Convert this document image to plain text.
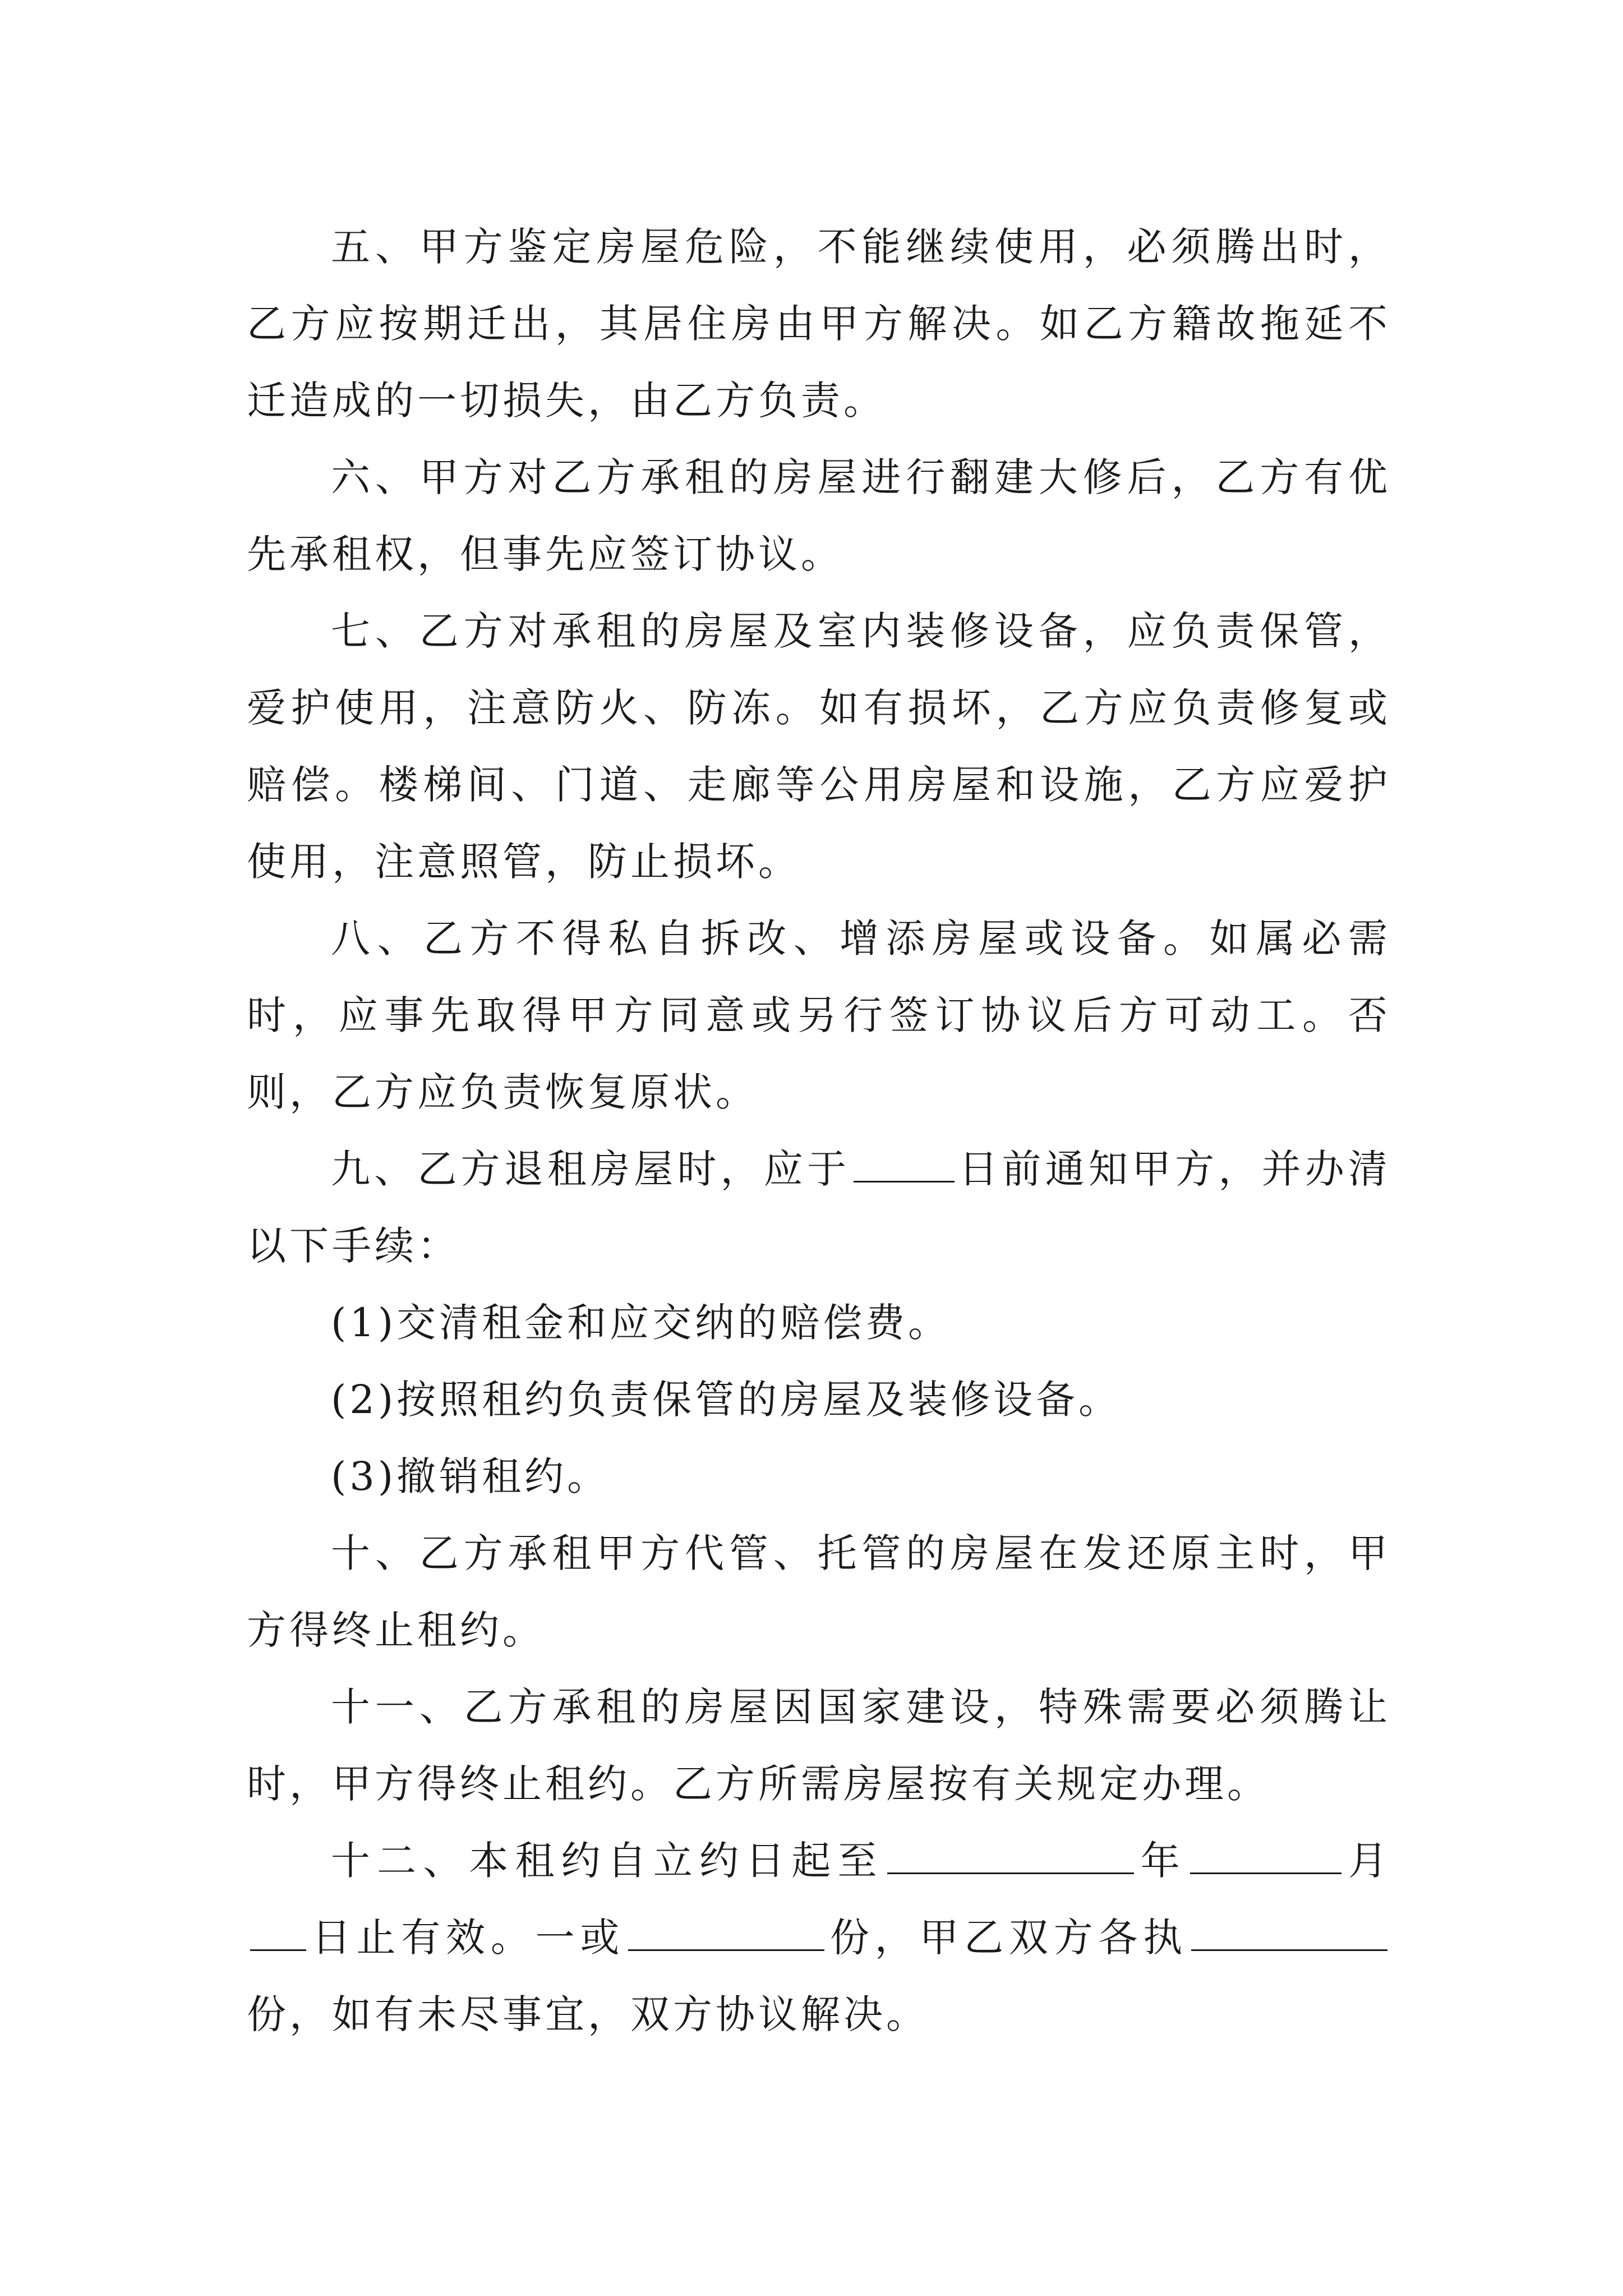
五、甲方鉴定房屋危险，不能继续使用，必须腾出时，乙方应按期迁出，其居住房由甲方解决。如乙方籍故拖延不迁造成的一切损失，由乙方负责。

六、甲方对乙方承租的房屋进行翻建大修后，乙方有优先承租权，但事先应签订协议。

七、乙方对承租的房屋及室内装修设备，应负责保管，爱护使用，注意防火、防冻。如有损坏，乙方应负责修复或赔偿。楼梯间、门道、走廊等公用房屋和设施，乙方应爱护使用，注意照管，防止损坏。

八、乙方不得私自拆改、增添房屋或设备。如属必需时，应事先取得甲方同意或另行签订协议后方可动工。否则，乙方应负责恢复原状。

九、乙方退租房屋时，应于	日前通知甲方，并办清以下手续：

(1)交清租金和应交纳的赔偿费。

(2)按照租约负责保管的房屋及装修设备。

(3)撤销租约。

十、乙方承租甲方代管、托管的房屋在发还原主时，甲方得终止租约。

十一、乙方承租的房屋因国家建设，特殊需要必须腾让时，甲方得终止租约。乙方所需房屋按有关规定办理。

十二、本租约自立约日起至	年	月日止有效。一或	份，甲乙双方各执份，如有未尽事宜，双方协议解决。
